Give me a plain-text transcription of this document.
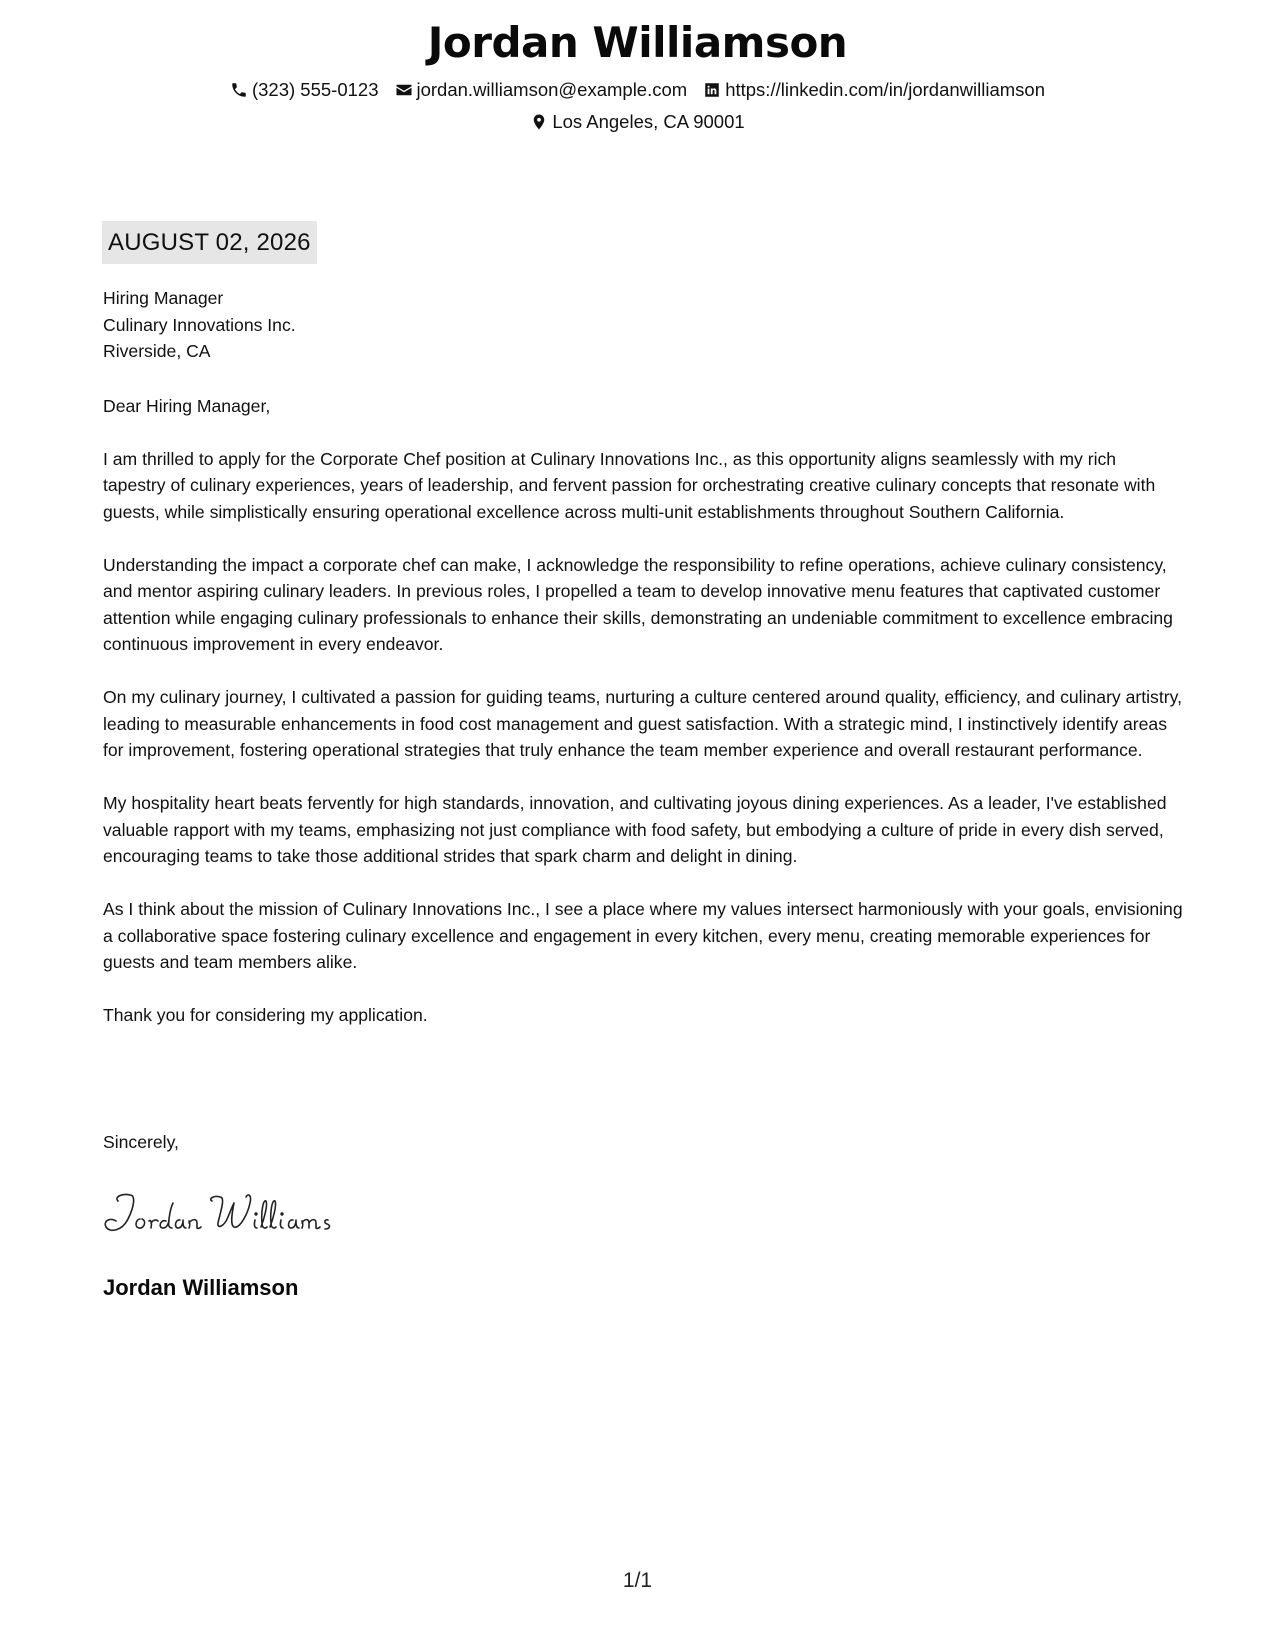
Jordan Williamson
(323) 555-0123 jordan.williamson@example.com https://linkedin.com/in/jordanwilliamson
Los Angeles, CA 90001
AUGUST 02, 2026
Hiring Manager
Culinary Innovations Inc.
Riverside, CA
Dear Hiring Manager,

I am thrilled to apply for the Corporate Chef position at Culinary Innovations Inc., as this opportunity aligns seamlessly with my rich tapestry of culinary experiences, years of leadership, and fervent passion for orchestrating creative culinary concepts that resonate with guests, while simplistically ensuring operational excellence across multi-unit establishments throughout Southern California.

Understanding the impact a corporate chef can make, I acknowledge the responsibility to refine operations, achieve culinary consistency, and mentor aspiring culinary leaders. In previous roles, I propelled a team to develop innovative menu features that captivated customer attention while engaging culinary professionals to enhance their skills, demonstrating an undeniable commitment to excellence embracing continuous improvement in every endeavor.

On my culinary journey, I cultivated a passion for guiding teams, nurturing a culture centered around quality, efficiency, and culinary artistry, leading to measurable enhancements in food cost management and guest satisfaction. With a strategic mind, I instinctively identify areas for improvement, fostering operational strategies that truly enhance the team member experience and overall restaurant performance.

My hospitality heart beats fervently for high standards, innovation, and cultivating joyous dining experiences. As a leader, I've established valuable rapport with my teams, emphasizing not just compliance with food safety, but embodying a culture of pride in every dish served, encouraging teams to take those additional strides that spark charm and delight in dining.

As I think about the mission of Culinary Innovations Inc., I see a place where my values intersect harmoniously with your goals, envisioning a collaborative space fostering culinary excellence and engagement in every kitchen, every menu, creating memorable experiences for guests and team members alike.

Thank you for considering my application.
Sincerely,
Jordan Williamson
1/1
